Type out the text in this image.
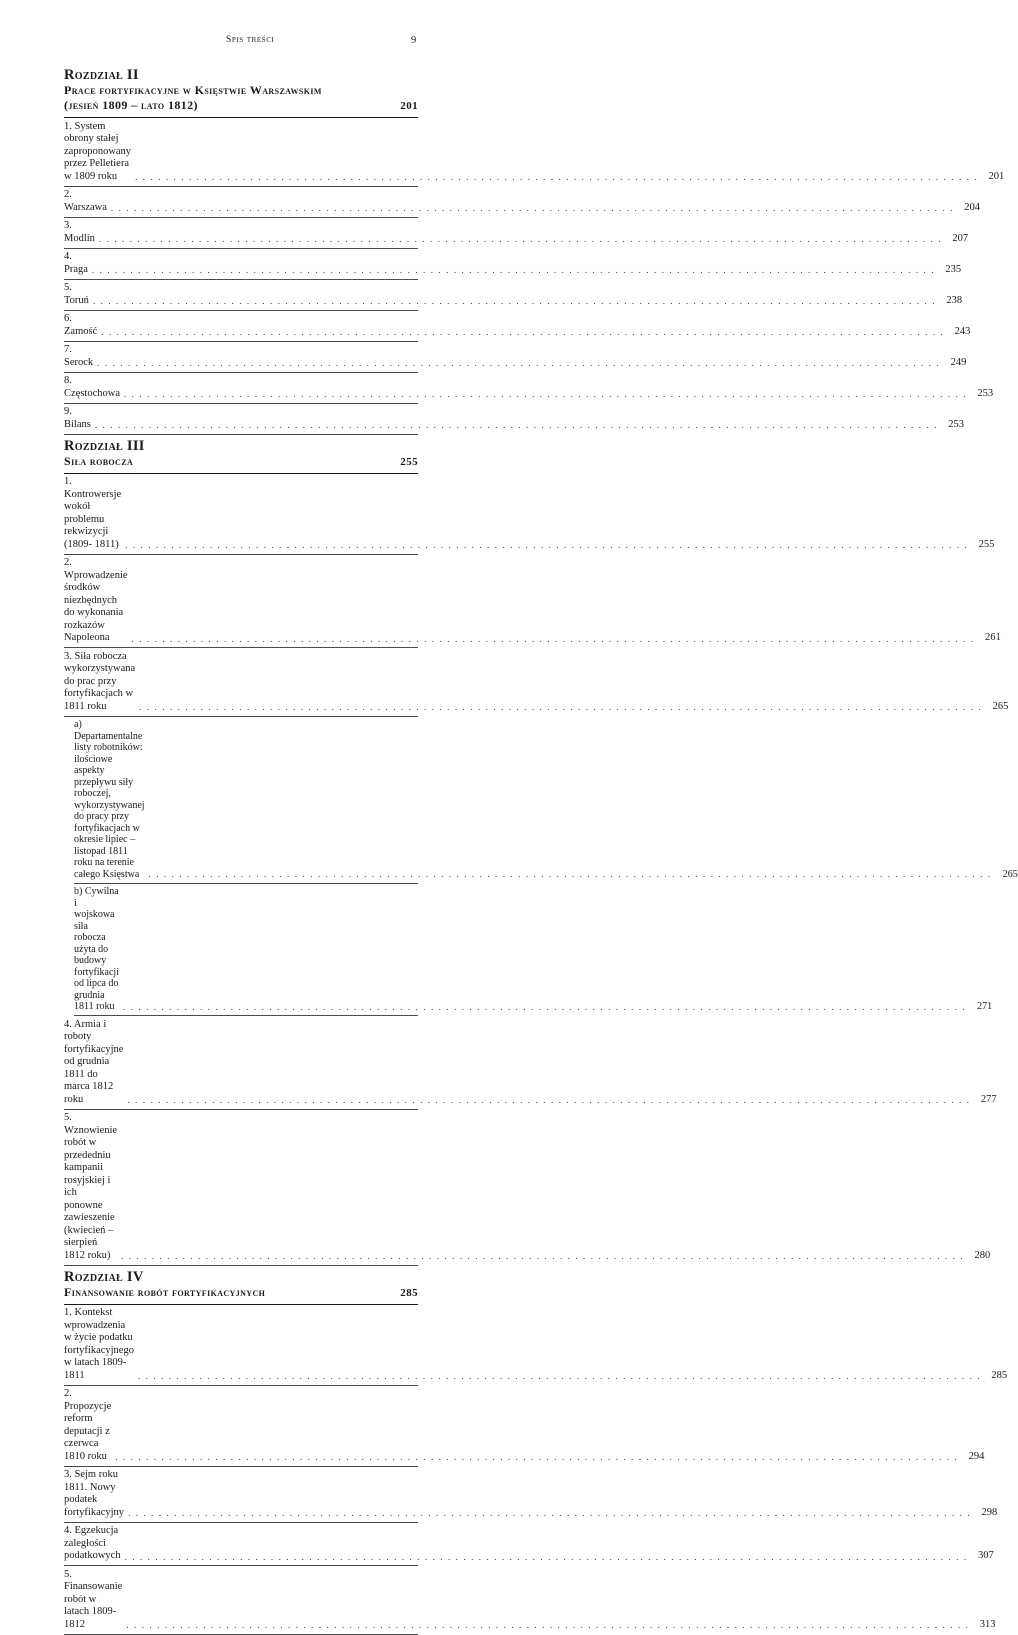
Spis treści	9
Rozdział II
Prace fortyfikacyjne w Księstwie Warszawskim
(jesień 1809 – lato 1812)	201
1. System obrony stałej zaproponowany przez Pelletiera w 1809 roku . . .	201
2. Warszawa . . .	204
3. Modlin . . .	207
4. Praga . . .	235
5. Toruń . . .	238
6. Zamość . . .	243
7. Serock . . .	249
8. Częstochowa . . .	253
9. Bilans . . .	253
Rozdział III
Siła robocza	255
1. Kontrowersje wokół problemu rekwizycji (1809- 1811) . . .	255
2. Wprowadzenie środków niezbędnych do wykonania rozkazów Napoleona . . .	261
3. Siła robocza wykorzystywana do prac przy fortyfikacjach w 1811 roku . . .	265
a) Departamentalne listy robotników: ilościowe aspekty przepływu siły roboczej, wykorzystywanej do pracy przy fortyfikacjach w okresie lipiec – listopad 1811 roku na terenie całego Księstwa . . .	265
b) Cywilna i wojskowa siła robocza użyta do budowy fortyfikacji od lipca do grudnia 1811 roku . . .	271
4. Armia i roboty fortyfikacyjne od grudnia 1811 do marca 1812 roku . . .	277
5. Wznowienie robót w przededniu kampanii rosyjskiej i ich ponowne zawieszenie (kwiecień – sierpień 1812 roku) . . .	280
Rozdział IV
Finansowanie robót fortyfikacyjnych	285
1. Kontekst wprowadzenia w życie podatku fortyfikacyjnego w latach 1809-1811 . . .	285
2. Propozycje reform deputacji z czerwca 1810 roku . . .	294
3. Sejm roku 1811. Nowy podatek fortyfikacyjny . . .	298
4. Egzekucja zaległości podatkowych . . .	307
5. Finansowanie robót w latach 1809-1812 . . .	313
